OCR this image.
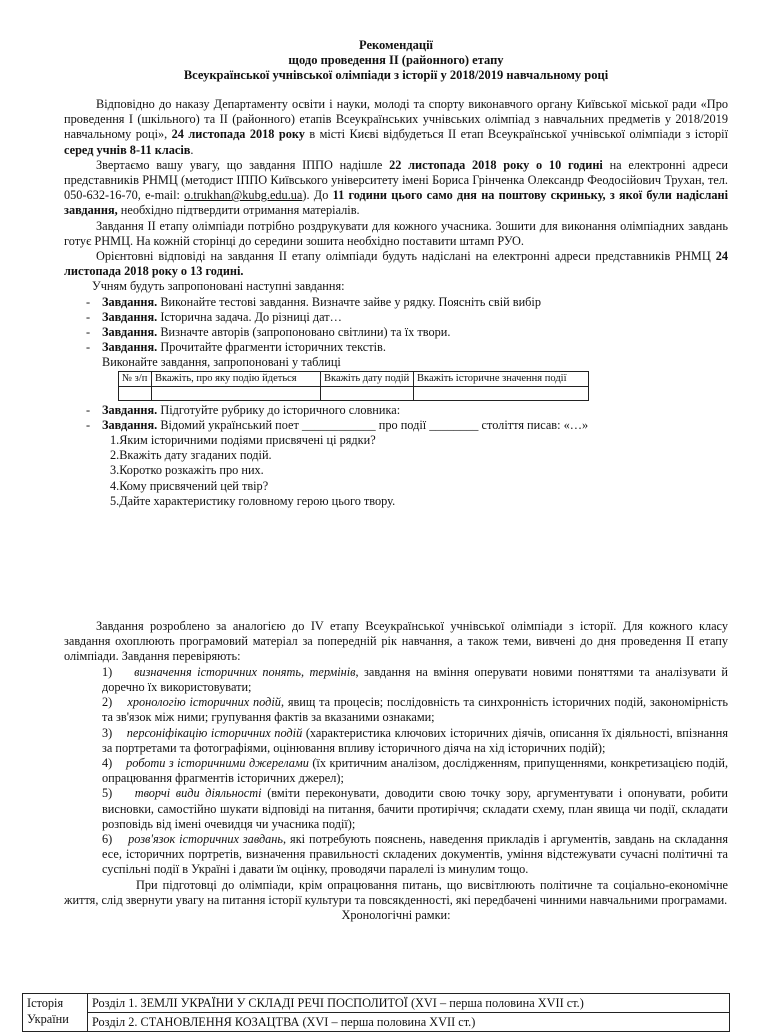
Рекомендації
щодо проведення ІІ (районного) етапу
Всеукраїнської учнівської олімпіади з історії у 2018/2019 навчальному році

Відповідно до наказу Департаменту освіти і науки, молоді та спорту виконавчого органу Київської міської ради «Про проведення I (шкільного) та II (районного) етапів Всеукраїнських учнівських олімпіад з навчальних предметів у 2018/2019 навчальному році», 24 листопада 2018 року в місті Києві відбудеться ІІ етап Всеукраїнської учнівської олімпіади з історії серед учнів 8-11 класів.

Звертаємо вашу увагу, що завдання ІППО надішле 22 листопада 2018 року о 10 годині на електронні адреси представників РНМЦ (методист ІППО Київського університету імені Бориса Грінченка Олександр Феодосійович Трухан, тел. 050-632-16-70, e-mail: o.trukhan@kubg.edu.ua). До 11 години цього само дня на поштову скриньку, з якої були надіслані завдання, необхідно підтвердити отримання матеріалів.

Завдання ІІ етапу олімпіади потрібно роздрукувати для кожного учасника. Зошити для виконання олімпіадних завдань готує РНМЦ. На кожній сторінці до середини зошита необхідно поставити штамп РУО.

Орієнтовні відповіді на завдання ІІ етапу олімпіади будуть надіслані на електронні адреси представників РНМЦ 24 листопада 2018 року о 13 годині.

Учням будуть запропоновані наступні завдання:

- Завдання. Виконайте тестові завдання. Визначте зайве у рядку. Поясніть свій вибір
- Завдання. Історична задача. До різниці дат…
- Завдання. Визначте авторів (запропоновано світлини) та їх твори.
- Завдання. Прочитайте фрагменти історичних текстів.
Виконайте завдання, запропоновані у таблиці
№ з/п	Вкажіть, про яку подію йдеться	Вкажіть дату подій	Вкажіть історичне значення події

- Завдання. Підготуйте рубрику до історичного словника:
- Завдання. Відомий український поет ____________ про події ________ століття писав: «…»
1.Яким історичними подіями присвячені ці рядки?
2.Вкажіть дату згаданих подій.
3.Коротко розкажіть про них.
4.Кому присвячений цей твір?
5.Дайте характеристику головному герою цього твору.

Завдання розроблено за аналогією до IV етапу Всеукраїнської учнівської олімпіади з історії. Для кожного класу завдання охоплюють програмовий матеріал за попередній рік навчання, а також теми, вивчені до дня проведення ІІ етапу олімпіади. Завдання перевіряють:

1) визначення історичних понять, термінів, завдання на вміння оперувати новими поняттями та аналізувати й доречно їх використовувати;

2) хронологію історичних подій, явищ та процесів; послідовність та синхронність історичних подій, закономірність та зв'язок між ними; групування фактів за вказаними ознаками;

3) персоніфікацію історичних подій (характеристика ключових історичних діячів, описання їх діяльності, впізнання за портретами та фотографіями, оцінювання впливу історичного діяча на хід історичних подій);

4) роботи з історичними джерелами (їх критичним аналізом, дослідженням, припущеннями, конкретизацією подій, опрацювання фрагментів історичних джерел);

5) творчі види діяльності (вміти переконувати, доводити свою точку зору, аргументувати і опонувати, робити висновки, самостійно шукати відповіді на питання, бачити протиріччя; складати схему, план явища чи події, складати розповідь від імені очевидця чи учасника події);

6) розв'язок історичних завдань, які потребують пояснень, наведення прикладів і аргументів, завдань на складання есе, історичних портретів, визначення правильності складених документів, уміння відстежувати сучасні політичні та суспільні події в Україні і давати їм оцінку, проводячи паралелі із минулим тощо.

При підготовці до олімпіади, крім опрацювання питань, що висвітлюють політичне та соціально-економічне життя, слід звернути увагу на питання історії культури та повсякденності, які передбачені чинними навчальними програмами.

Хронологічні рамки:
Історія України	Розділ 1. ЗЕМЛІ УКРАЇНИ У СКЛАДІ РЕЧІ ПОСПОЛИТОЇ (XVI – перша половина XVII ст.)
Розділ 2. СТАНОВЛЕННЯ КОЗАЦТВА (XVI – перша половина XVII ст.)
